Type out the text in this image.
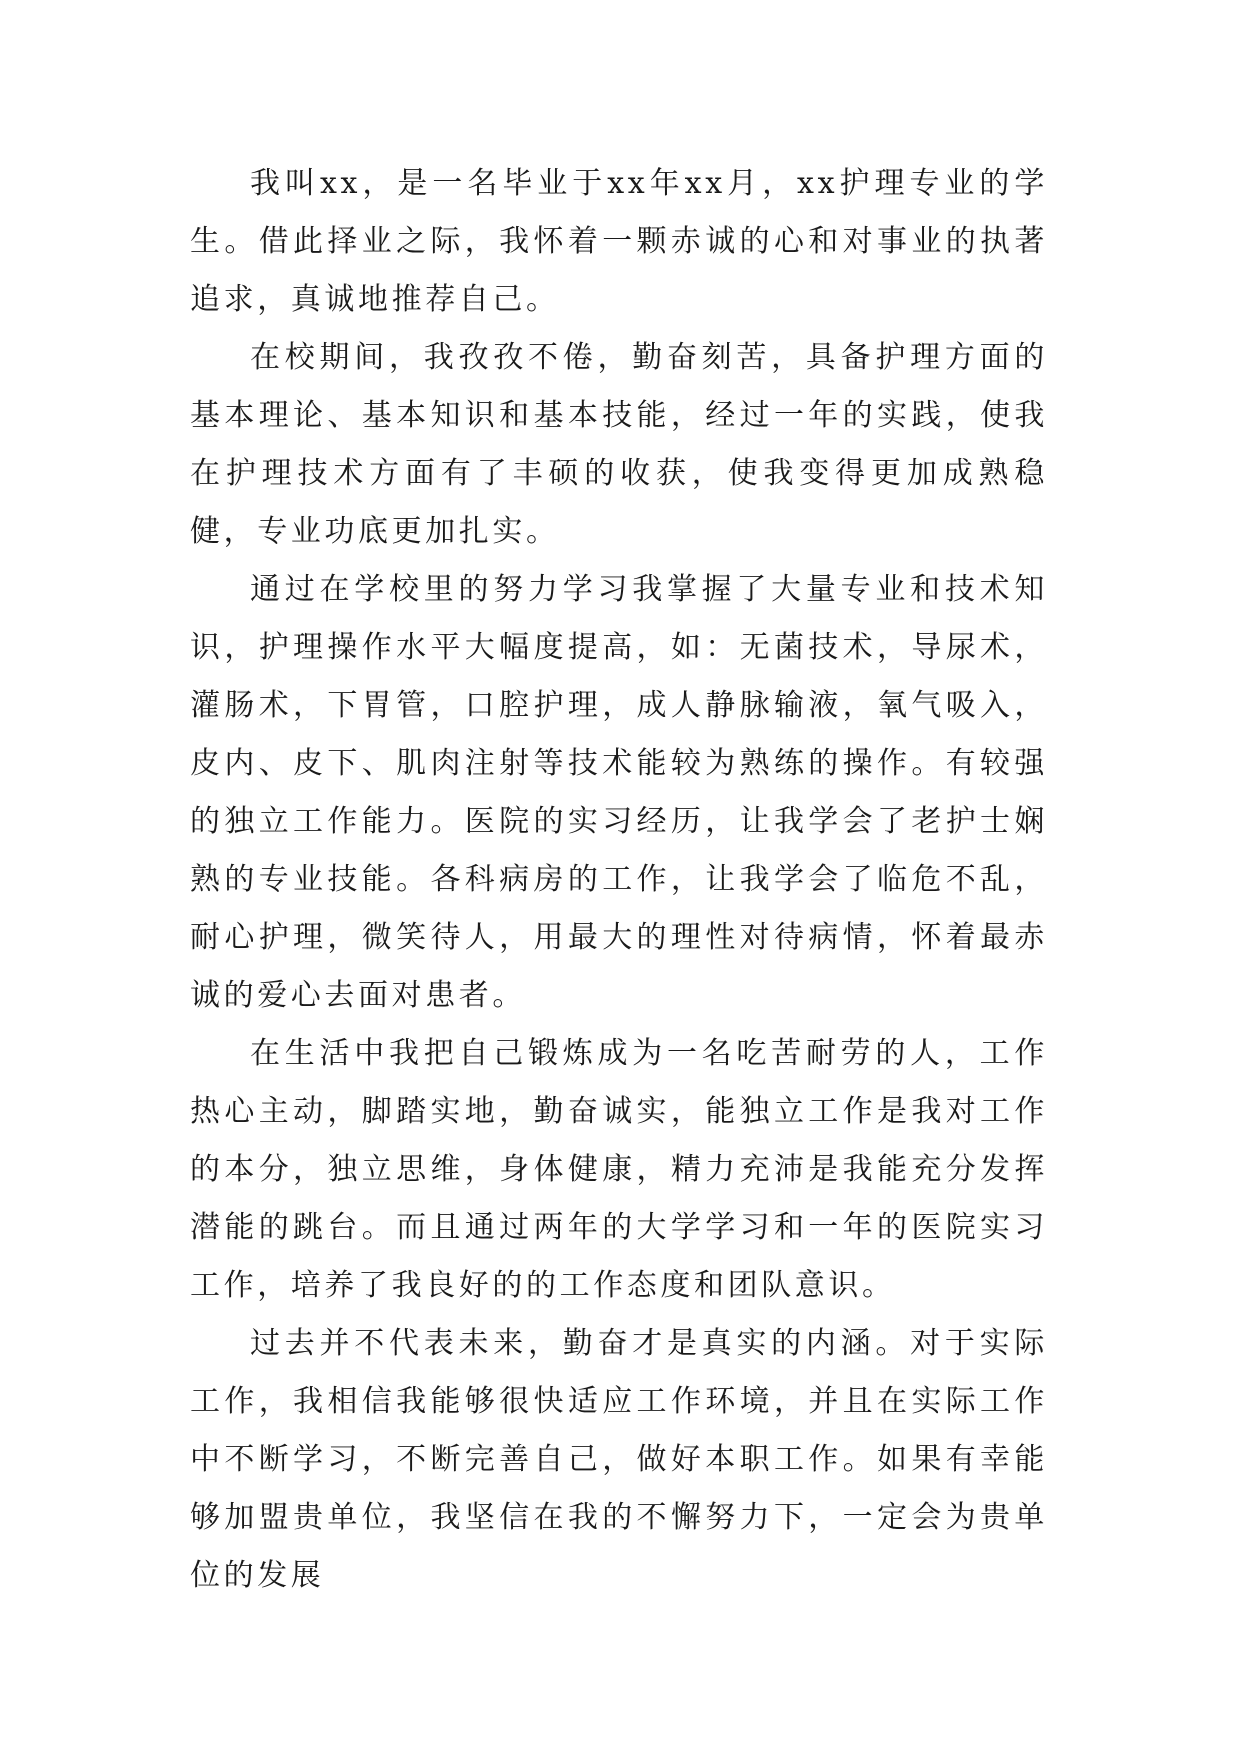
我叫xx，是一名毕业于xx年xx月，xx护理专业的学生。借此择业之际，我怀着一颗赤诚的心和对事业的执著追求，真诚地推荐自己。

在校期间，我孜孜不倦，勤奋刻苦，具备护理方面的基本理论、基本知识和基本技能，经过一年的实践，使我在护理技术方面有了丰硕的收获，使我变得更加成熟稳健，专业功底更加扎实。

通过在学校里的努力学习我掌握了大量专业和技术知识，护理操作水平大幅度提高，如：无菌技术，导尿术，灌肠术，下胃管，口腔护理，成人静脉输液，氧气吸入，皮内、皮下、肌肉注射等技术能较为熟练的操作。有较强的独立工作能力。医院的实习经历，让我学会了老护士娴熟的专业技能。各科病房的工作，让我学会了临危不乱，耐心护理，微笑待人，用最大的理性对待病情，怀着最赤诚的爱心去面对患者。

在生活中我把自己锻炼成为一名吃苦耐劳的人，工作热心主动，脚踏实地，勤奋诚实，能独立工作是我对工作的本分，独立思维，身体健康，精力充沛是我能充分发挥潜能的跳台。而且通过两年的大学学习和一年的医院实习工作，培养了我良好的的工作态度和团队意识。

过去并不代表未来，勤奋才是真实的内涵。对于实际工作，我相信我能够很快适应工作环境，并且在实际工作中不断学习，不断完善自己，做好本职工作。如果有幸能够加盟贵单位，我坚信在我的不懈努力下，一定会为贵单位的发展
